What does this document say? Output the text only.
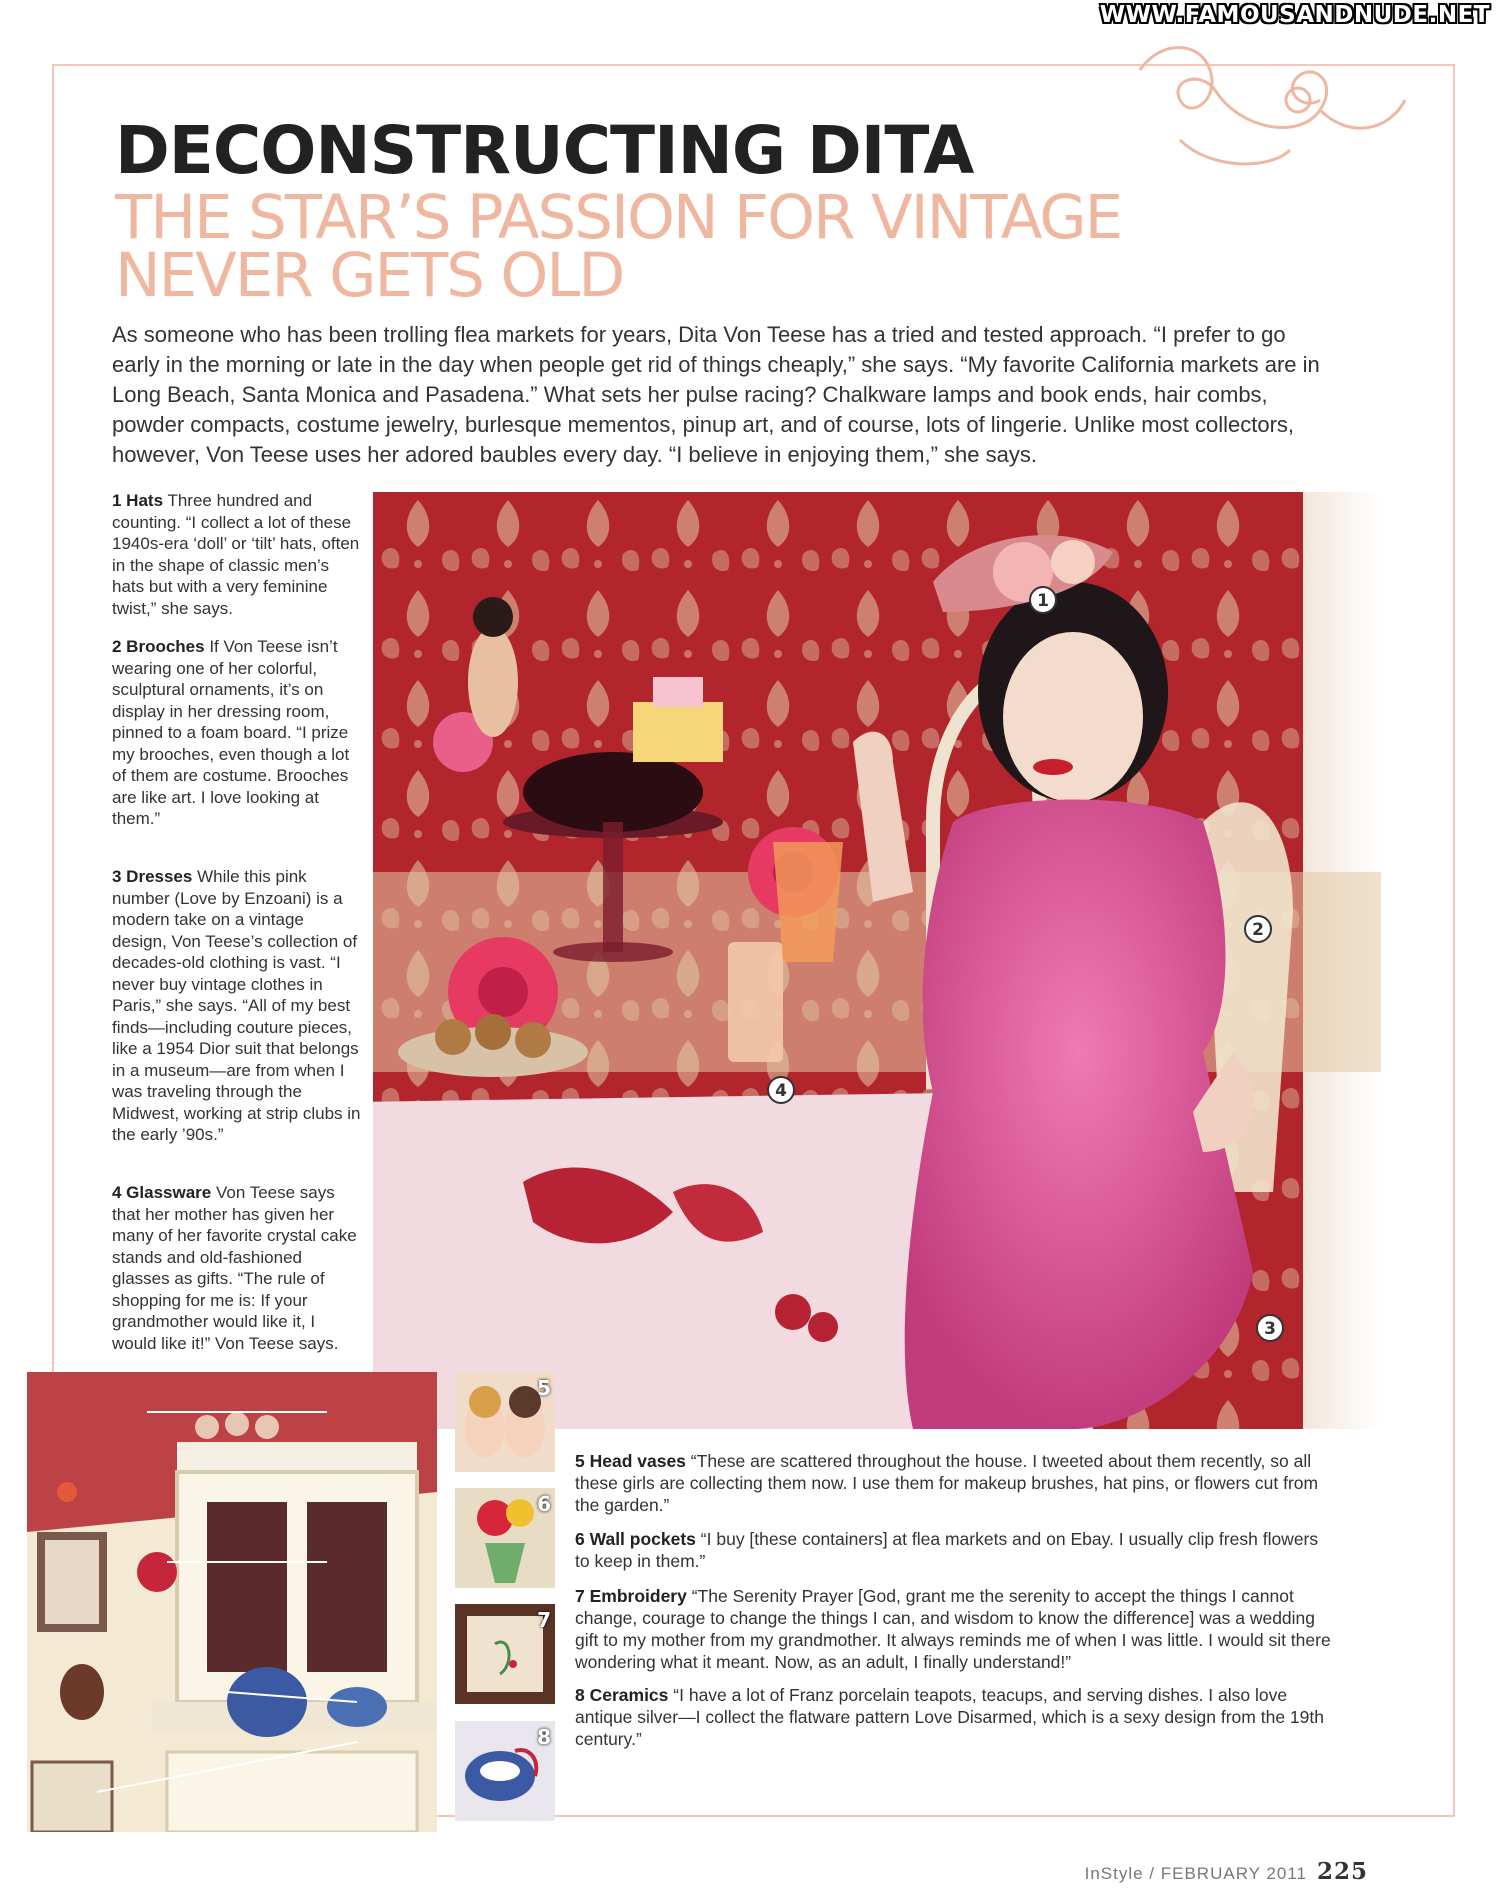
WWW.FAMOUSANDNUDE.NET
DECONSTRUCTING DITA
THE STAR’S PASSION FOR VINTAGE
NEVER GETS OLD
As someone who has been trolling flea markets for years, Dita Von Teese has a tried and tested approach. “I prefer to go early in the morning or late in the day when people get rid of things cheaply,” she says. “My favorite California markets are in Long Beach, Santa Monica and Pasadena.” What sets her pulse racing? Chalkware lamps and book ends, hair combs, powder compacts, costume jewelry, burlesque mementos, pinup art, and of course, lots of lingerie. Unlike most collectors, however, Von Teese uses her adored baubles every day. “I believe in enjoying them,” she says.
1 Hats Three hundred and counting. “I collect a lot of these 1940s-era ‘doll’ or ‘tilt’ hats, often in the shape of classic men’s hats but with a very feminine twist,” she says.
2 Brooches If Von Teese isn’t wearing one of her colorful, sculptural ornaments, it’s on display in her dressing room, pinned to a foam board. “I prize my brooches, even though a lot of them are costume. Brooches are like art. I love looking at them.”
3 Dresses While this pink number (Love by Enzoani) is a modern take on a vintage design, Von Teese’s collection of decades-old clothing is vast. “I never buy vintage clothes in Paris,” she says. “All of my best finds—including couture pieces, like a 1954 Dior suit that belongs in a museum—are from when I was traveling through the Midwest, working at strip clubs in the early ’90s.”
4 Glassware Von Teese says that her mother has given her many of her favorite crystal cake stands and old-fashioned glasses as gifts. “The rule of shopping for me is: If your grandmother would like it, I would like it!” Von Teese says.
1
2
3
4
5
6
7
8
5 Head vases “These are scattered throughout the house. I tweeted about them recently, so all these girls are collecting them now. I use them for makeup brushes, hat pins, or flowers cut from the garden.”
6 Wall pockets “I buy [these containers] at flea markets and on Ebay. I usually clip fresh flowers to keep in them.”
7 Embroidery “The Serenity Prayer [God, grant me the serenity to accept the things I cannot change, courage to change the things I can, and wisdom to know the difference] was a wedding gift to my mother from my grandmother. It always reminds me of when I was little. I would sit there wondering what it meant. Now, as an adult, I finally understand!”
8 Ceramics “I have a lot of Franz porcelain teapots, teacups, and serving dishes. I also love antique silver—I collect the flatware pattern Love Disarmed, which is a sexy design from the 19th century.”
InStyle / FEBRUARY 2011 225
